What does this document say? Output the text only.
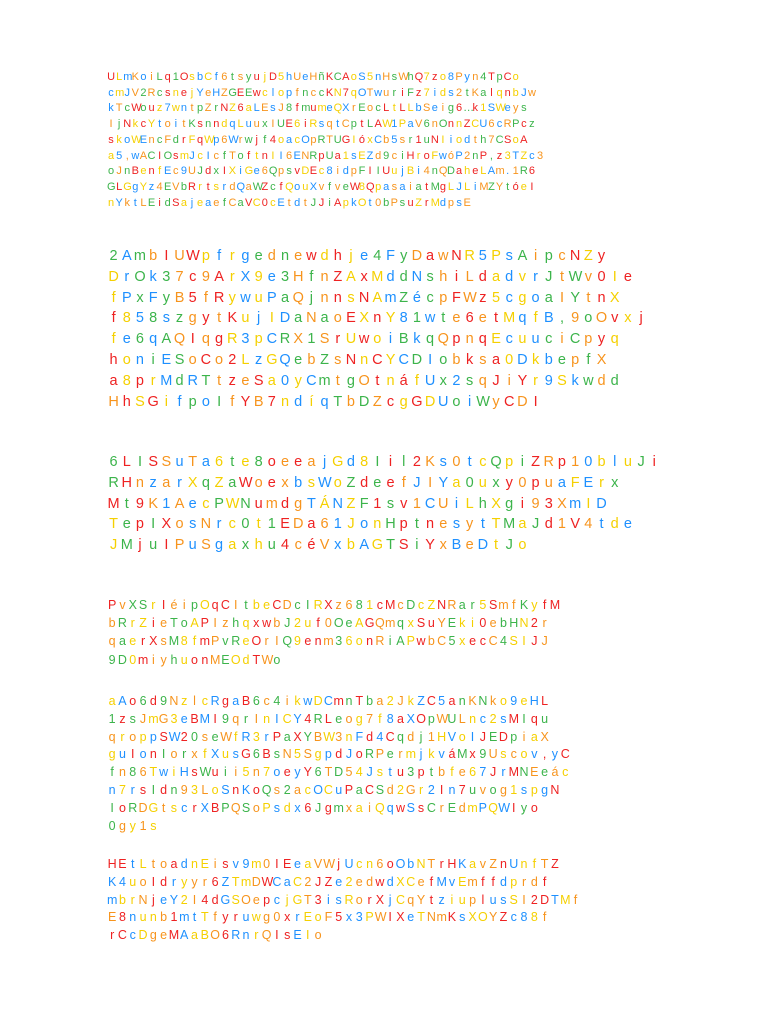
ULmKo i L q 1Os bC f 6 t s y u j D5 hUeHñKCAoS5 nHsWhQ7 z o 8P y n 4 T pCo
cmJ V2Rc s n e j YeHZGEEwc l o p f n c c KN7 qOTwu r i F z 7 i d s 2 t Ka l q n b Jw
k T cWo u z 7wn t p Z r NZ 6 a LE s J 8 f mumeQX r Eo c L t L L bSe i g 6…k 1SWe y s
I j Nk c Y t o i t K s n n d q L u u x I UE6 i Rs q t Cp t LAW1PaV6 nOn n ZCU6 cRP c z
s k oWEn c F d r F qWp 6Wr w j f 4 o a cOpRTUG I ó xCb 5 s r 1 uN I i o d t h 7CSoA
a 5 , wAC I OsmJ c I c f T o f t n I I 6ENRpUa 1 s EZ d 9 c i H r o FwóP2 nP , z 3 TZ c 3
o J nBe n f E c 9UJ d x I X i Ge 6Qp s vDE c 8 i d p F I I Uu j B i 4 nQDa h e LAm. 1R6
GLGgY z 4EVbR r t s r dQaWZ c f Qo uX v f v eW8Qp a s a i a t Mg L J L i MZY t ó e I
nY k t LE i dSa j e a e f CaVC0 c E t d t J J i Ap kO t 0 bP s u Z r Md p s E

2 A m b I UW p f r g e d n e w d h j e 4 F y D a w N R 5 P s A i p c N Z y
D r O k 3 7 c 9 A r X 9 e 3 H f n Z A x M d d N s h i L d a d v r J t W v 0 I e
f P x F y B 5 f R y w u P a Q j n n s N A m Z é c p F W z 5 c g o a I Y t n X
f 8 5 8 s z g y t K u j I D a N a o E X n Y 8 1 w t e 6 e t M q f B , 9 o O v x j
f e 6 q A Q I q g R 3 p C R X 1 S r U w o i B k q Q p n q E c u u c i C p y q
h o n i E S o C o 2 L z G Q e b Z s N n C Y C D I o b k s a 0 D k b e p f X
a 8 p r M d R T t z e S a 0 y C m t g O t n á f U x 2 s q J i Y r 9 S k w d d
H h S G i f p o I f Y B 7 n d í q T b D Z c g G D U o i W y C D I

6 L I S S u T a 6 t e 8 o e e a j G d 8 I i l 2 K s 0 t c Q p i Z R p 1 0 b l u J i
R H n z a r X q Z a W o e x b s W o Z d e e f J I Y a 0 u x y 0 p u a F E r x
M t 9 K 1 A e c P WN u m d g T Á N Z F 1 s v 1 C U i L h X g i 9 3 X m I D
T e p I X o s N r c 0 t 1 E D a 6 1 J o n H p t n e s y t T M a J d 1 V 4 t d e
J M j u I P u S g a x h u 4 c é V x b A G T S i Y x B e D t J o

P v X S r I é i p O q C I t b e CD c I R X z 6 8 1 c M c D c Z NR a r 5 Sm f K y f M
b R r Z i e T o A P I z h q x w b J 2 u f 0 O e AGQm q x S u Y E k i 0 e b HN 2 r
q a e r X s M 8 f mP v R e O r I Q 9 e n m 3 6 o n R i A P w b C 5 x e c C 4 S I J J
9 D 0 m i y h u o n MEO d TWo

a A o 6 d 9 N z l c R g a B 6 c 4 i k wDCm n T b a 2 J k Z C 5 a n K N k o 9 e H L
1 z s J mG 3 e BM I 9 q r I n I C Y 4 R L e o g 7 f 8 a XO p WU L n c 2 s M I q u
q r o p p SW2 0 s e W f R 3 r P a X Y BW3 n F d 4 C q d j 1 H V o I J E D p i a X
g u I o n I o r x f X u s G 6 B s N 5 S g p d J o R P e r m j k v á M x 9 U s c o v , y C
f n 8 6 T w i H s Wu i i 5 n 7 o e y Y 6 T D 5 4 J s t u 3 p t b f e 6 7 J r MN E e á c
n 7 r s I d n 9 3 L o S n K o Q s 2 a c OC u P a C S d 2 G r 2 I n 7 u v o g 1 s p g N
I o RDG t s c r X B PQS o P s d x 6 J g m x a i Q q w S s C r E d mPQW I y o
0 g y 1 s

H E t L t o a d n E i s v 9 m 0 I E e a VW j U c n 6 o O b N T r H K a v Z n U n f T Z
K 4 u o I d r y y r 6 Z TmDWC a C 2 J Z e 2 e d w d X C e f M v Em f f d p r d f
m b r N j e Y 2 I 4 d GSO e p c j G T 3 i s R o r X j C q Y t z i u p l u s S I 2 D TM f
E 8 n u n b 1 m t T f y r u w g 0 x r E o F 5 x 3 PW I X e T NmK s XOY Z c 8 8 f
r C c D g e MA a BO 6 R n r Q I s E I o
